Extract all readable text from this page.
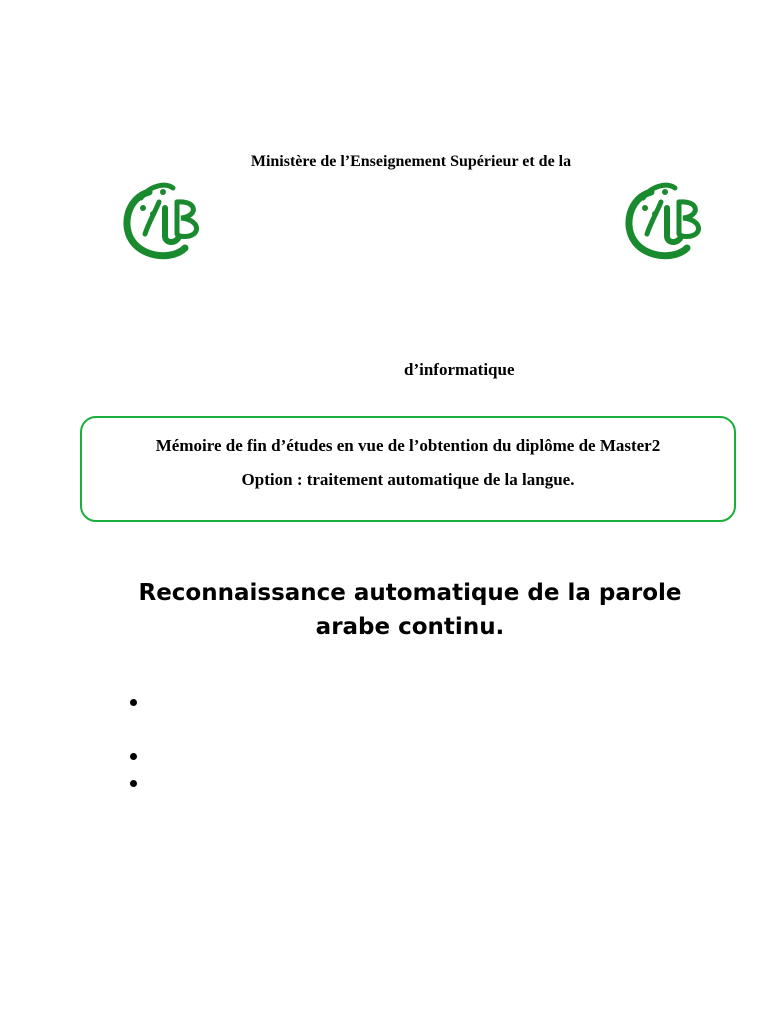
Ministère de l’Enseignement Supérieur et de la
d’informatique
Mémoire de fin d’études en vue de l’obtention du diplôme de Master2
Option : traitement automatique de la langue.
Reconnaissance automatique de la parole
arabe continu.
